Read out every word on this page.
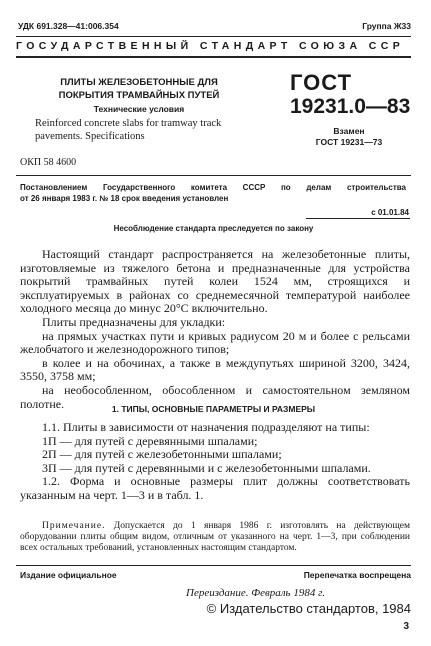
УДК 691.328—41:006.354	Группа Ж33
ГОСУДАРСТВЕННЫЙ СТАНДАРТ СОЮЗА ССР
ПЛИТЫ ЖЕЛЕЗОБЕТОННЫЕ ДЛЯ
ПОКРЫТИЯ ТРАМВАЙНЫХ ПУТЕЙ
Технические условия
Reinforced concrete slabs for tramway track
pavements. Specifications
ОКП 58 4600
ГОСТ
19231.0—83
Взамен
ГОСТ 19231—73
Постановлением Государственного комитета СССР по делам строительства
от 26 января 1983 г. № 18 срок введения установлен
с 01.01.84
Несоблюдение стандарта преследуется по закону

Настоящий стандарт распространяется на железобетонные плиты, изготовляемые из тяжелого бетона и предназначенные для устройства покрытий трамвайных путей колеи 1524 мм, строящихся и эксплуатируемых в районах со среднемесячной температурой наиболее холодного месяца до минус 20°С включительно.

Плиты предназначены для укладки:

на прямых участках пути и кривых радиусом 20 м и более с рельсами желобчатого и железнодорожного типов;

в колее и на обочинах, а также в междупутьях шириной 3200, 3424, 3550, 3758 мм;

на необособленном, обособленном и самостоятельном земляном полотне.	1. ТИПЫ, ОСНОВНЫЕ ПАРАМЕТРЫ И РАЗМЕРЫ

1.1. Плиты в зависимости от назначения подразделяют на типы:

1П — для путей с деревянными шпалами;

2П — для путей с железобетонными шпалами;

3П — для путей с деревянными и с железобетонными шпалами.

1.2. Форма и основные размеры плит должны соответствовать указанным на черт. 1—3 и в табл. 1.

Примечание. Допускается до 1 января 1986 г. изготовлять на действующем оборудовании плиты общим видом, отличным от указанного на черт. 1—3, при соблюдении всех остальных требований, установленных настоящим стандартом.

Издание официальное	Перепечатка воспрещена
Переиздание. Февраль 1984 г.
© Издательство стандартов, 1984
3
